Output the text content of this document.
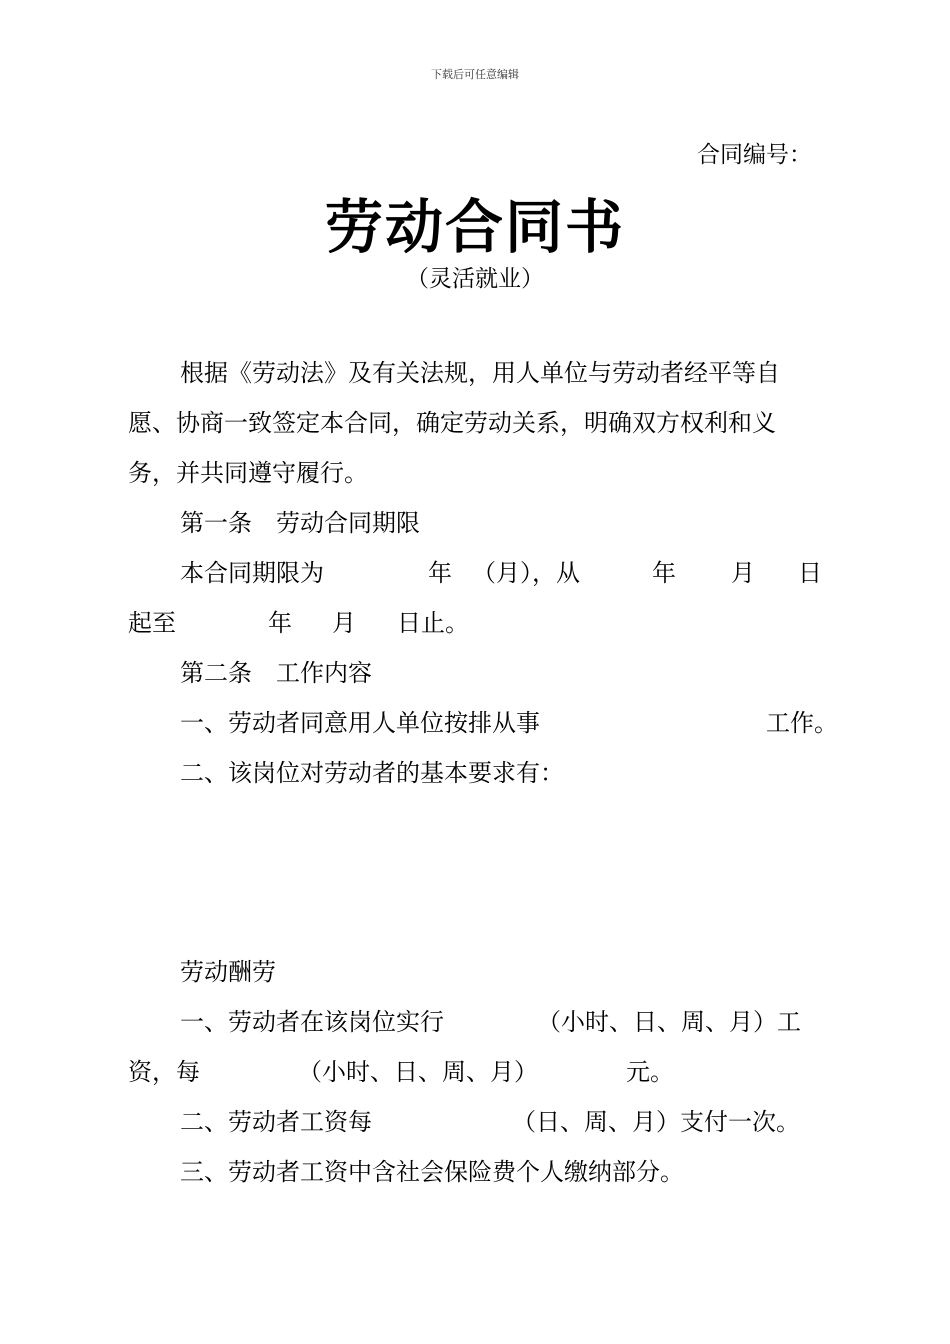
下载后可任意编辑
合同编号：
劳动合同书
（灵活就业）
根据《劳动法》及有关法规，用人单位与劳动者经平等自
愿、协商一致签定本合同，确定劳动关系，明确双方权利和义
务，并共同遵守履行。
第一条　劳动合同期限
本合同期限为	年 （月），从	年 月 日
起至	年 月 日止。
第二条　工作内容
一、劳动者同意用人单位按排从事	工作。
二、该岗位对劳动者的基本要求有：
劳动酬劳
一、劳动者在该岗位实行	（小时、日、周、月）工
资，每	（小时、日、周、月）	元。
二、劳动者工资每	（日、周、月）支付一次。
三、劳动者工资中含社会保险费个人缴纳部分。
